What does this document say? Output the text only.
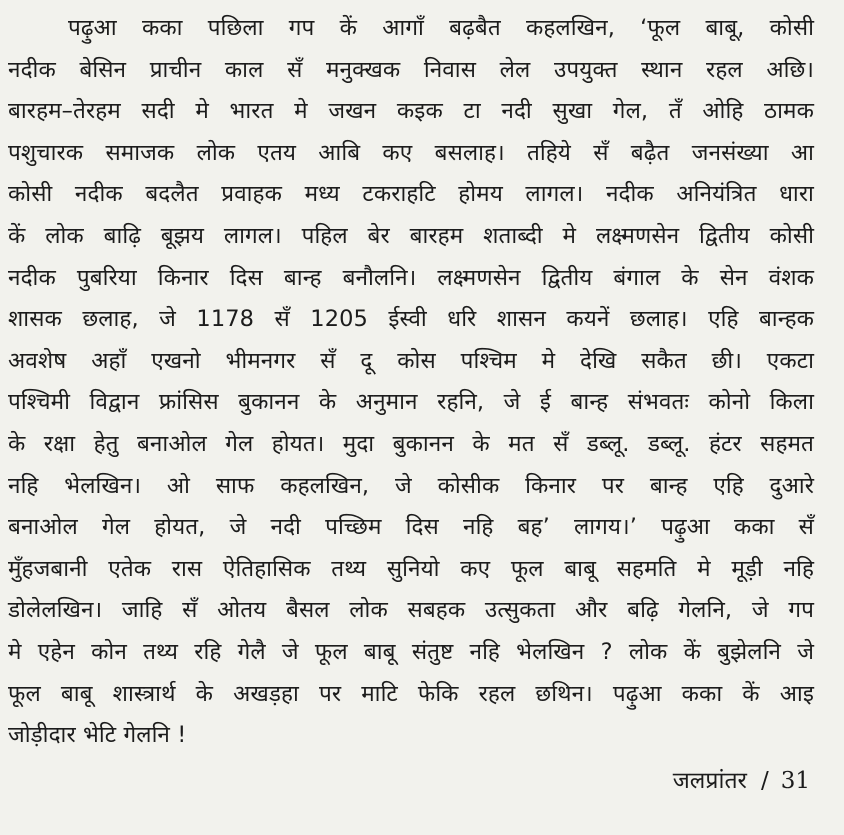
पढ़ुआ कका पछिला गप कें आगाँ बढ़बैत कहलखिन, ‘फूल बाबू, कोसी
नदीक बेसिन प्राचीन काल सँ मनुक्खक निवास लेल उपयुक्त स्थान रहल अछि।
बारहम–तेरहम सदी मे भारत मे जखन कइक टा नदी सुखा गेल, तँ ओहि ठामक
पशुचारक समाजक लोक एतय आबि कए बसलाह। तहिये सँ बढ़ैत जनसंख्या आ
कोसी नदीक बदलैत प्रवाहक मध्य टकराहटि होमय लागल। नदीक अनियंत्रित धारा
कें लोक बाढ़ि बूझय लागल। पहिल बेर बारहम शताब्दी मे लक्ष्मणसेन द्वितीय कोसी
नदीक पुबरिया किनार दिस बान्ह बनौलनि। लक्ष्मणसेन द्वितीय बंगाल के सेन वंशक
शासक छलाह, जे 1178 सँ 1205 ईस्वी धरि शासन कयनें छलाह। एहि बान्हक
अवशेष अहाँ एखनो भीमनगर सँ दू कोस पश्चिम मे देखि सकैत छी। एकटा
पश्चिमी विद्वान फ्रांसिस बुकानन के अनुमान रहनि, जे ई बान्ह संभवतः कोनो किला
के रक्षा हेतु बनाओल गेल होयत। मुदा बुकानन के मत सँ डब्लू. डब्लू. हंटर सहमत
नहि भेलखिन। ओ साफ कहलखिन, जे कोसीक किनार पर बान्ह एहि दुआरे
बनाओल गेल होयत, जे नदी पच्छिम दिस नहि बह’ लागय।’ पढ़ुआ कका सँ
मुँहजबानी एतेक रास ऐतिहासिक तथ्य सुनियो कए फूल बाबू सहमति मे मूड़ी नहि
डोलेलखिन। जाहि सँ ओतय बैसल लोक सबहक उत्सुकता और बढ़ि गेलनि, जे गप
मे एहेन कोन तथ्य रहि गेलै जे फूल बाबू संतुष्ट नहि भेलखिन ? लोक कें बुझेलनि जे
फूल बाबू शास्त्रार्थ के अखड़हा पर माटि फेकि रहल छथिन। पढ़ुआ कका कें आइ
जोड़ीदार भेटि गेलनि !
जलप्रांतर / 31
